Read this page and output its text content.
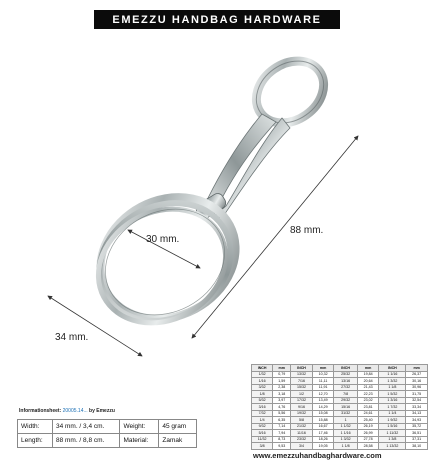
EMEZZU HANDBAG HARDWARE
30 mm.
88 mm.
34 mm.
Informationsheet: 20005.14... by Emezzu
Width:	34 mm. / 3,4 cm.	Weight:	45 gram
Length:	88 mm. / 8,8 cm.	Material:	Zamak
INCH	mm	INCH	mm	INCH	mm	INCH	mm
1/32	0,79	13/32	10,32	25/32	19,84	1 1/16	26,37
1/16	1,59	7/16	11,11	13/16	20,64	1 3/32	30,16
3/32	2,38	15/32	11,91	27/32	21,43	1 1/8	30,96
1/8	3,18	1/2	12,70	7/8	22,23	1 5/32	31,75
5/32	3,97	17/32	13,49	29/32	23,02	1 3/16	32,54
3/16	4,76	9/16	14,29	15/16	23,81	1 7/32	33,34
7/32	5,56	19/32	15,08	31/32	24,61	1 1/4	34,13
1/4	6,35	5/8	15,88	1	25,40	1 9/32	34,93
9/32	7,14	21/32	16,67	1 1/32	26,19	1 5/16	35,72
5/16	7,94	11/16	17,46	1 1/16	26,99	1 11/32	36,51
11/32	8,73	23/32	18,26	1 3/32	27,78	1 3/8	37,31
3/8	9,53	3/4	19,05	1 1/8	28,58	1 13/32	38,10
www.emezzuhandbaghardware.com
